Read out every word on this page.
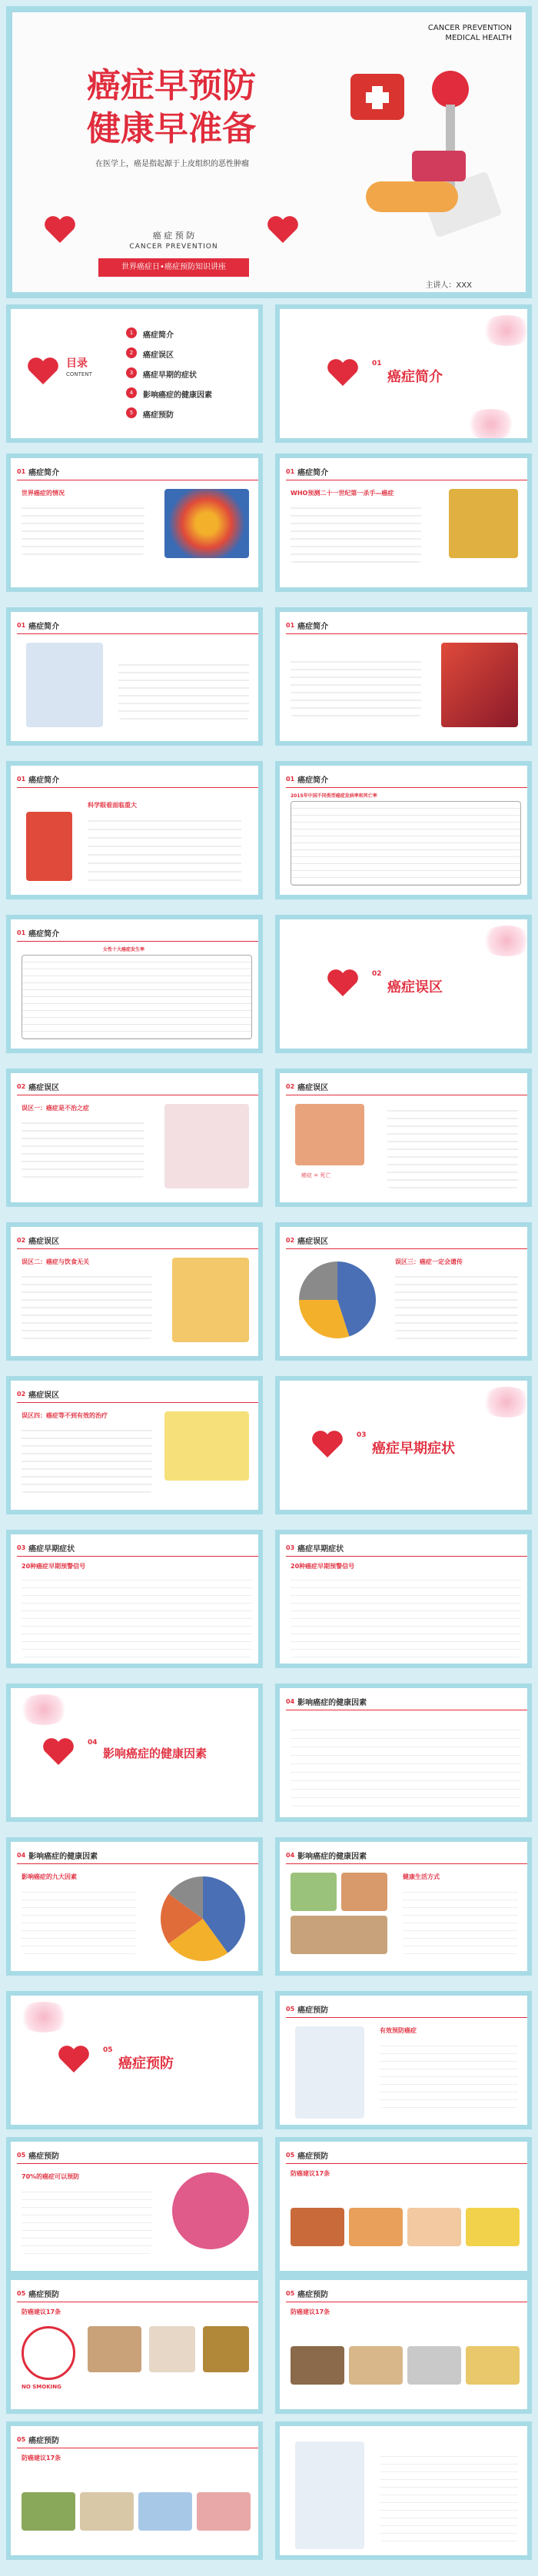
CANCER PREVENTION
MEDICAL HEALTH
癌症早预防
健康早准备
在医学上，癌是指起源于上皮组织的恶性肿瘤
癌 症 预 防
CANCER PREVENTION
世界癌症日•癌症预防知识讲座
主讲人：XXX
目录
CONTENT
1	癌症简介
2	癌症误区
3	癌症早期的症状
4	影响癌症的健康因素
5	癌症预防
01
癌症简介
01 癌症简介
世界癌症的情况
01 癌症简介
WHO预测二十一世纪第一杀手—癌症
01 癌症简介	01 癌症简介
01 癌症简介
科学眼看面临重大
01 癌症简介
2015年中国不同类型癌症发病率和死亡率
01 癌症简介
女性十大癌症发生率
02
癌症误区
02 癌症误区
误区一：癌症是不治之症
02 癌症误区
癌症 = 死亡
02 癌症误区
误区二：癌症与饮食无关
02 癌症误区
误区三：癌症一定会遗传
02 癌症误区
误区四：癌症等不到有效的治疗
03
癌症早期症状
03 癌症早期症状
20种癌症早期预警信号
03 癌症早期症状
20种癌症早期预警信号
04
影响癌症的健康因素
04 影响癌症的健康因素
04 影响癌症的健康因素
影响癌症的九大因素
04 影响癌症的健康因素
健康生活方式
05
癌症预防
05 癌症预防
有效预防癌症
05 癌症预防
70%的癌症可以预防
05 癌症预防
防癌建议17条
05 癌症预防
防癌建议17条
NO SMOKING
05 癌症预防
防癌建议17条
05 癌症预防
防癌建议17条
